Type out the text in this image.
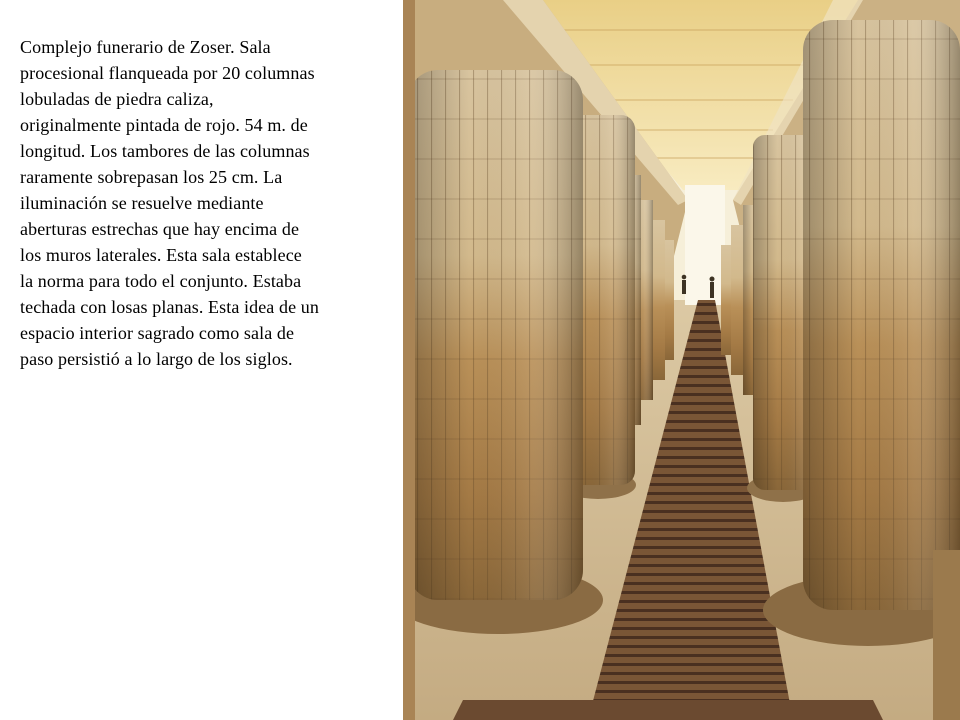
Complejo funerario de Zoser. Sala
procesional flanqueada por 20 columnas
lobuladas de piedra caliza,
originalmente pintada de rojo. 54 m. de
longitud. Los tambores de las columnas
raramente sobrepasan los 25 cm. La
iluminación se resuelve mediante
aberturas estrechas que hay encima de
los muros laterales. Esta sala establece
la norma para todo el conjunto. Estaba
techada con losas planas. Esta idea de un
espacio interior sagrado como sala de
paso persistió a lo largo de los siglos.
